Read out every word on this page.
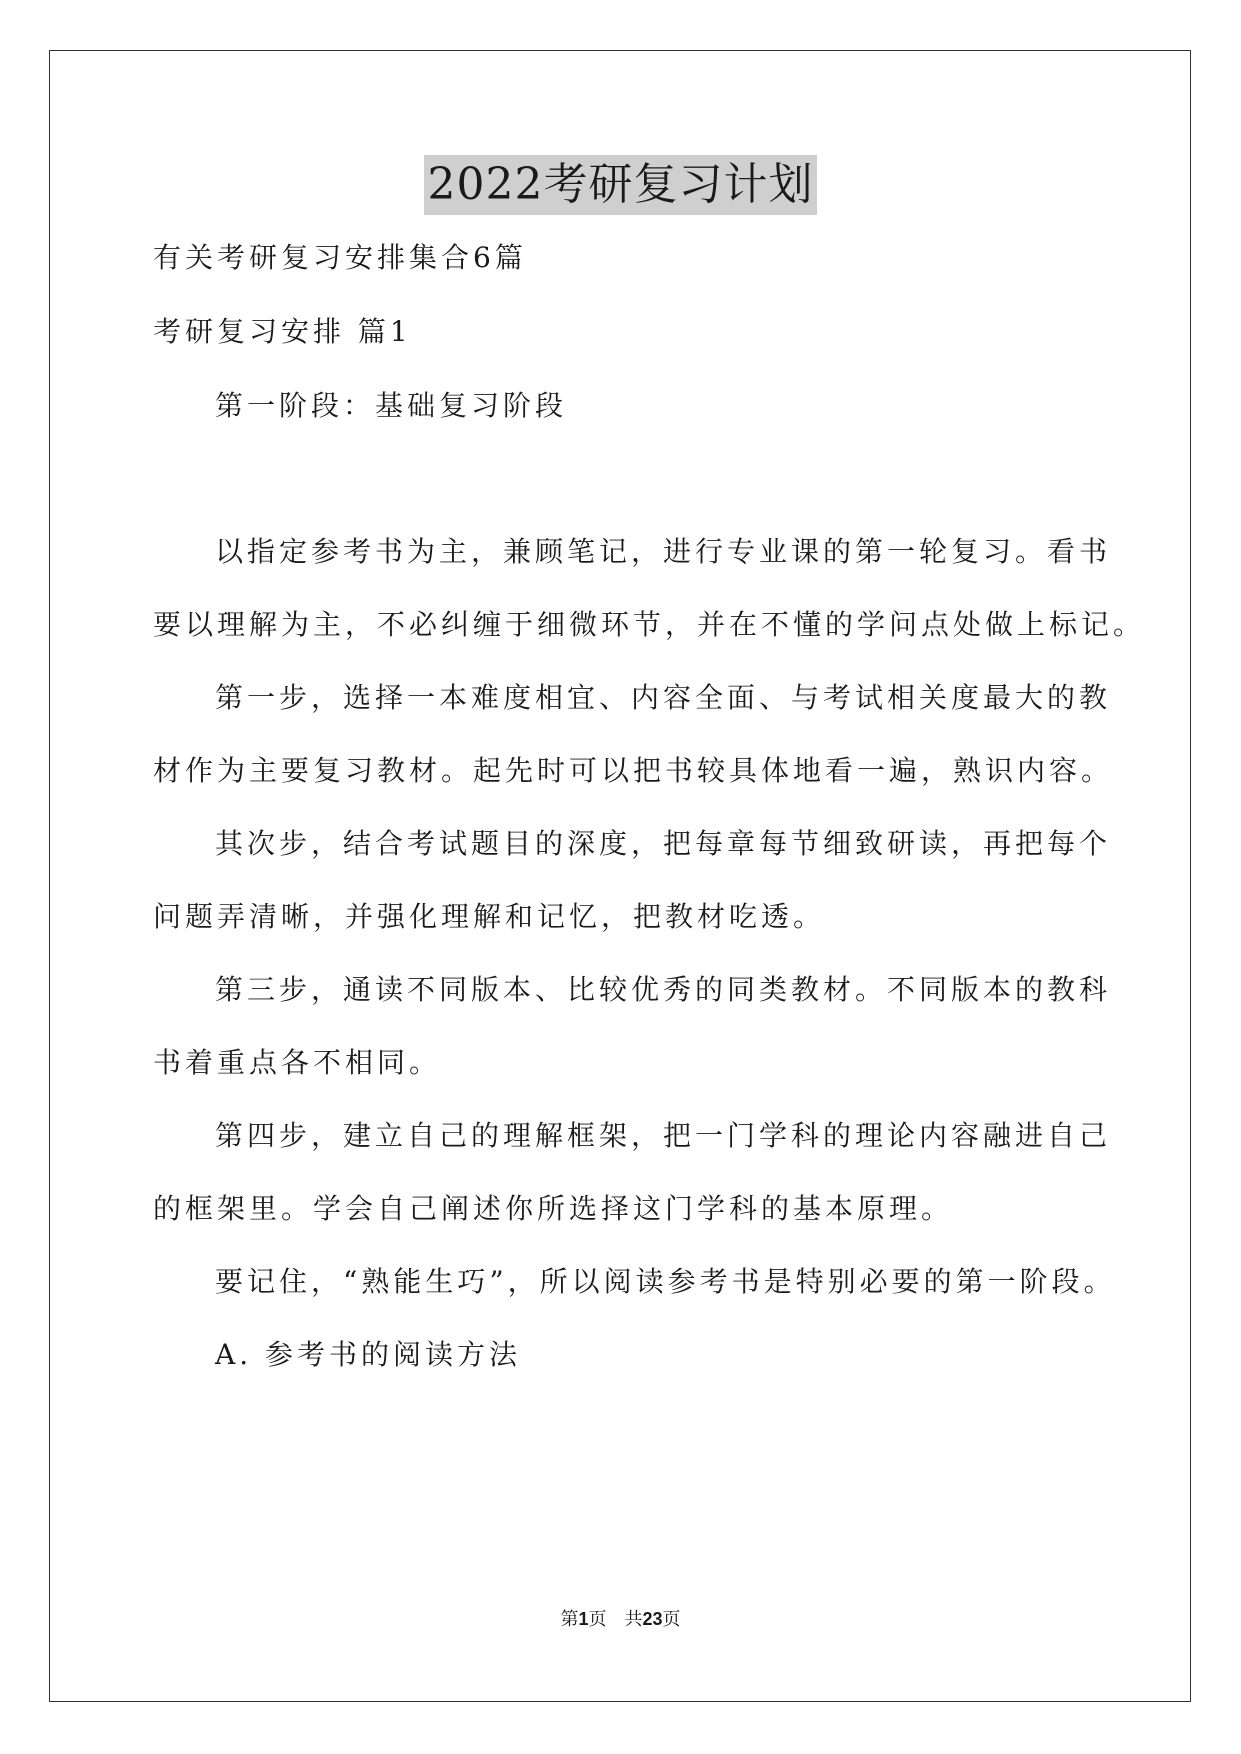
2022考研复习计划
有关考研复习安排集合6篇
考研复习安排 篇1
第一阶段：基础复习阶段
以指定参考书为主，兼顾笔记，进行专业课的第一轮复习。看书
要以理解为主，不必纠缠于细微环节，并在不懂的学问点处做上标记。
第一步，选择一本难度相宜、内容全面、与考试相关度最大的教
材作为主要复习教材。起先时可以把书较具体地看一遍，熟识内容。
其次步，结合考试题目的深度，把每章每节细致研读，再把每个
问题弄清晰，并强化理解和记忆，把教材吃透。
第三步，通读不同版本、比较优秀的同类教材。不同版本的教科
书着重点各不相同。
第四步，建立自己的理解框架，把一门学科的理论内容融进自己
的框架里。学会自己阐述你所选择这门学科的基本原理。
要记住，“熟能生巧”，所以阅读参考书是特别必要的第一阶段。
A. 参考书的阅读方法
第1页　共23页
